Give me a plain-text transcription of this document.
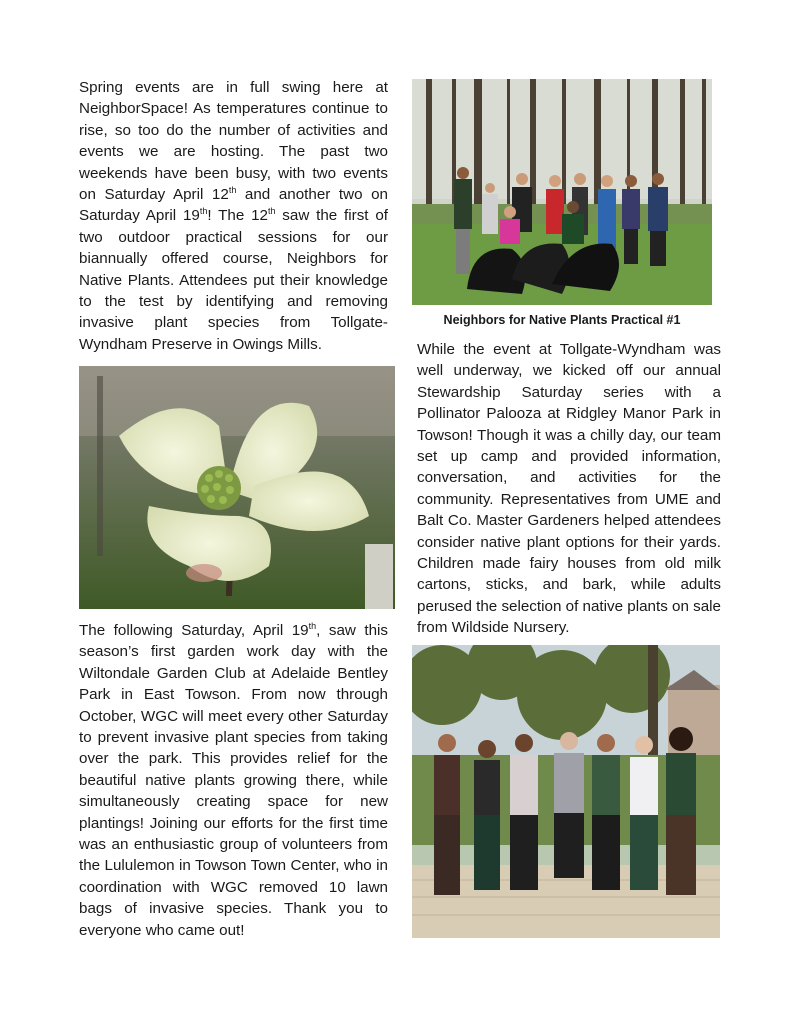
Spring events are in full swing here at NeighborSpace! As temperatures continue to rise, so too do the number of activities and events we are hosting. The past two weekends have been busy, with two events on Saturday April 12th and another two on Saturday April 19th! The 12th saw the first of two outdoor practical sessions for our biannually offered course, Neighbors for Native Plants. Attendees put their knowledge to the test by identifying and removing invasive plant species from Tollgate-Wyndham Preserve in Owings Mills.

The following Saturday, April 19th, saw this season’s first garden work day with the Wiltondale Garden Club at Adelaide Bentley Park in East Towson. From now through October, WGC will meet every other Saturday to prevent invasive plant species from taking over the park. This provides relief for the beautiful native plants growing there, while simultaneously creating space for new plantings! Joining our efforts for the first time was an enthusiastic group of volunteers from the Lululemon in Towson Town Center, who in coordination with WGC removed 10 lawn bags of invasive species. Thank you to everyone who came out!

Neighbors for Native Plants Practical #1

While the event at Tollgate-Wyndham was well underway, we kicked off our annual Stewardship Saturday series with a Pollinator Palooza at Ridgley Manor Park in Towson! Though it was a chilly day, our team set up camp and provided information, conversation, and activities for the community. Representatives from UME and Balt Co. Master Gardeners helped attendees consider native plant options for their yards. Children made fairy houses from old milk cartons, sticks, and bark, while adults perused the selection of native plants on sale from Wildside Nursery.
